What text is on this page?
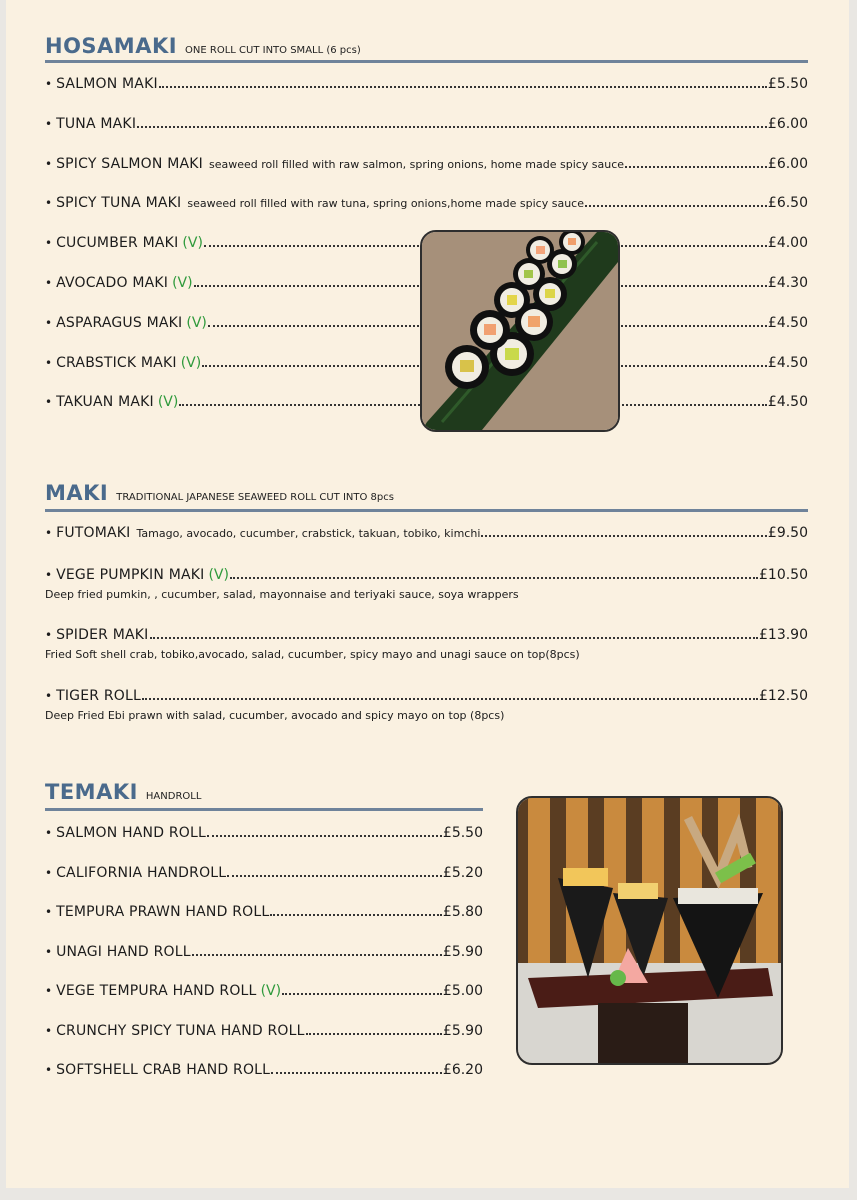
HOSAMAKI ONE ROLL CUT INTO SMALL (6 pcs)
• SALMON MAKI	£5.50
• TUNA MAKI	£6.00
• SPICY SALMON MAKI seaweed roll filled with raw salmon, spring onions, home made spicy sauce	£6.00
• SPICY TUNA MAKI seaweed roll filled with raw tuna, spring onions,home made spicy sauce	£6.50
• CUCUMBER MAKI (V)	£4.00
• AVOCADO MAKI (V)	£4.30
• ASPARAGUS MAKI (V)	£4.50
• CRABSTICK MAKI (V)	£4.50
• TAKUAN MAKI (V)	£4.50
MAKI TRADITIONAL JAPANESE SEAWEED ROLL CUT INTO 8pcs
• FUTOMAKI Tamago, avocado, cucumber, crabstick, takuan, tobiko, kimchi	£9.50
• VEGE PUMPKIN MAKI (V)	£10.50
Deep fried pumkin, , cucumber, salad, mayonnaise and teriyaki sauce, soya wrappers
• SPIDER MAKI	£13.90
Fried Soft shell crab, tobiko,avocado, salad, cucumber, spicy mayo and unagi sauce on top(8pcs)
• TIGER ROLL	£12.50
Deep Fried Ebi prawn with salad, cucumber, avocado and spicy mayo on top (8pcs)
TEMAKI HANDROLL
• SALMON HAND ROLL	£5.50
• CALIFORNIA HANDROLL	£5.20
• TEMPURA PRAWN HAND ROLL	£5.80
• UNAGI HAND ROLL	£5.90
• VEGE TEMPURA HAND ROLL (V)	£5.00
• CRUNCHY SPICY TUNA HAND ROLL	£5.90
• SOFTSHELL CRAB HAND ROLL	£6.20
